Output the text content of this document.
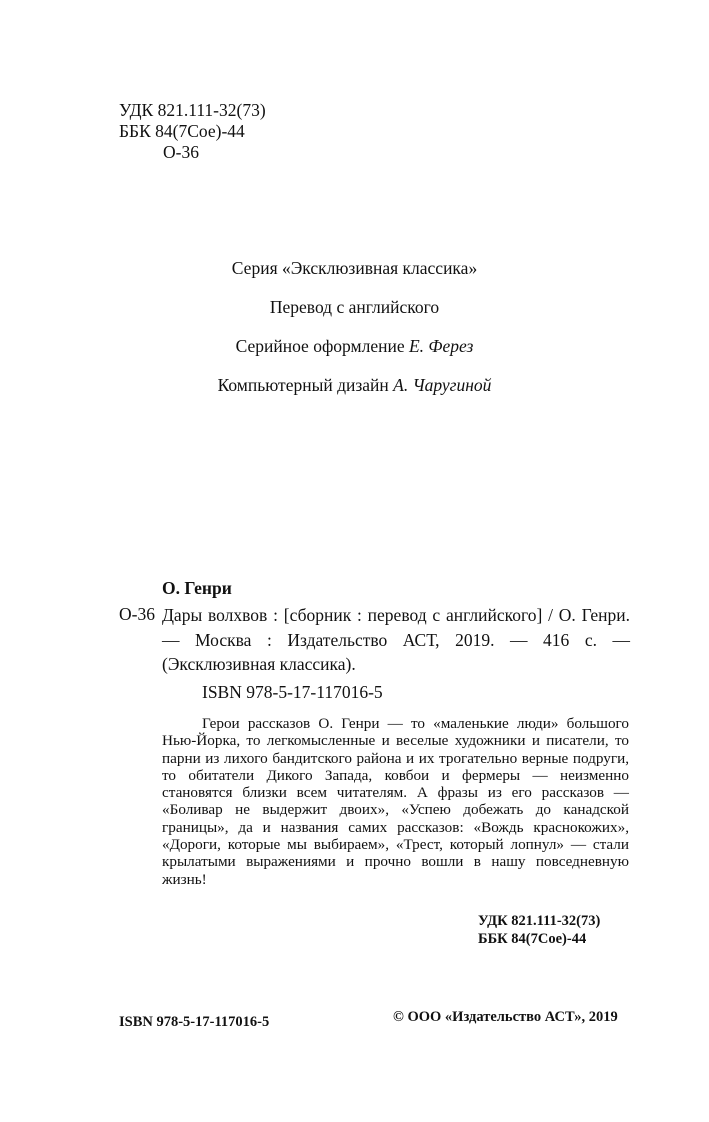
УДК 821.111-32(73)
ББК 84(7Сое)-44
О-36
Серия «Эксклюзивная классика»
Перевод с английского
Серийное оформление Е. Ферез
Компьютерный дизайн А. Чаругиной
О. Генри
О-36 Дары волхвов : [сборник : перевод с английского] / О. Генри. — Москва : Издательство АСТ, 2019. — 416 с. — (Эксклюзивная классика).
ISBN 978-5-17-117016-5

Герои рассказов О. Генри — то «маленькие люди» большого Нью-Йорка, то легкомысленные и веселые художники и писатели, то парни из лихого бандитского района и их трогательно верные подруги, то обитатели Дикого Запада, ковбои и фермеры — неизменно становятся близки всем читателям. А фразы из его рассказов — «Боливар не выдержит двоих», «Успею добежать до канадской границы», да и названия самих рассказов: «Вождь краснокожих», «Дороги, которые мы выбираем», «Трест, который лопнул» — стали крылатыми выражениями и прочно вошли в нашу повседневную жизнь!

УДК 821.111-32(73)
ББК 84(7Сое)-44
ISBN 978-5-17-117016-5	© ООО «Издательство АСТ», 2019
